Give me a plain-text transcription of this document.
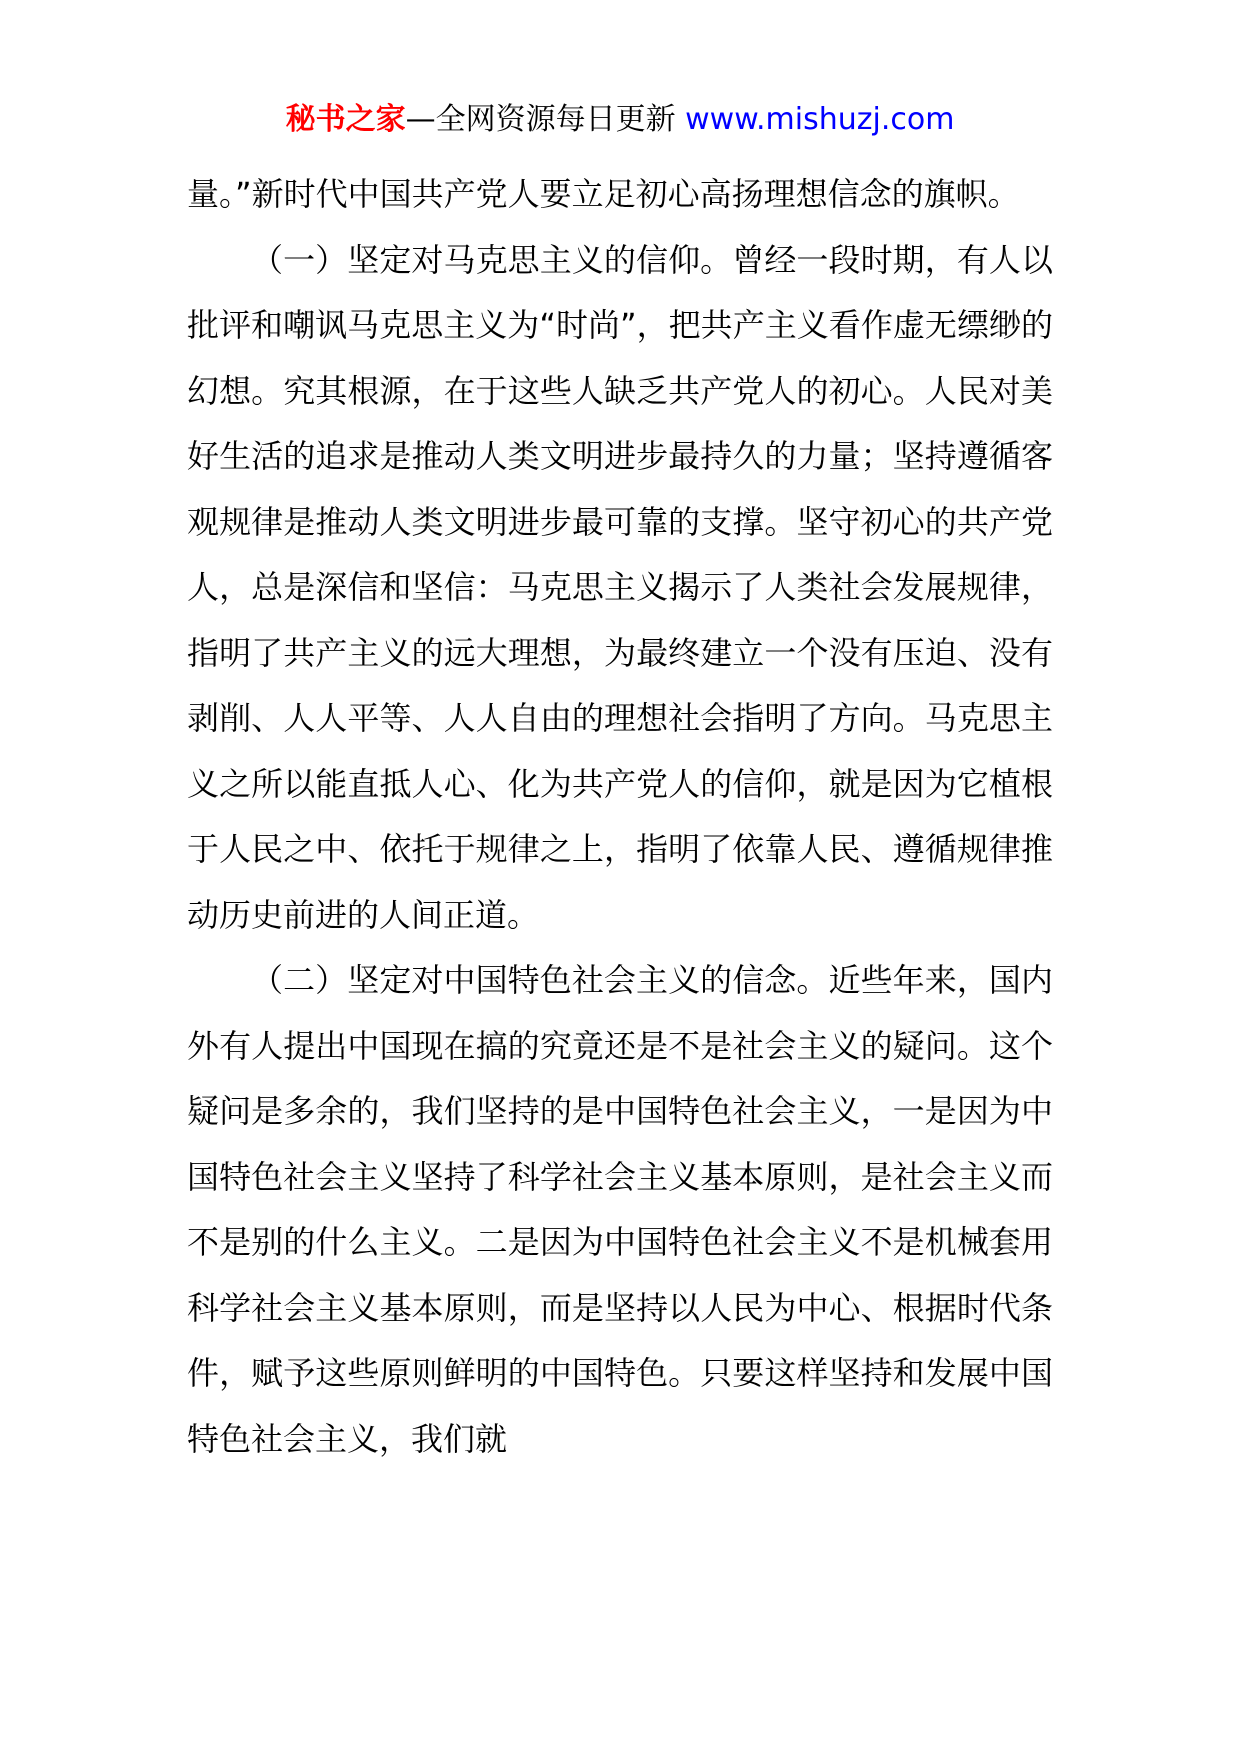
秘书之家—全网资源每日更新 www.mishuzj.com

量。”新时代中国共产党人要立足初心高扬理想信念的旗帜。

（一）坚定对马克思主义的信仰。曾经一段时期，有人以批评和嘲讽马克思主义为“时尚”，把共产主义看作虚无缥缈的幻想。究其根源，在于这些人缺乏共产党人的初心。人民对美好生活的追求是推动人类文明进步最持久的力量；坚持遵循客观规律是推动人类文明进步最可靠的支撑。坚守初心的共产党人，总是深信和坚信：马克思主义揭示了人类社会发展规律，指明了共产主义的远大理想，为最终建立一个没有压迫、没有剥削、人人平等、人人自由的理想社会指明了方向。马克思主义之所以能直抵人心、化为共产党人的信仰，就是因为它植根于人民之中、依托于规律之上，指明了依靠人民、遵循规律推动历史前进的人间正道。

（二）坚定对中国特色社会主义的信念。近些年来，国内外有人提出中国现在搞的究竟还是不是社会主义的疑问。这个疑问是多余的，我们坚持的是中国特色社会主义，一是因为中国特色社会主义坚持了科学社会主义基本原则，是社会主义而不是别的什么主义。二是因为中国特色社会主义不是机械套用科学社会主义基本原则，而是坚持以人民为中心、根据时代条件，赋予这些原则鲜明的中国特色。只要这样坚持和发展中国特色社会主义，我们就
